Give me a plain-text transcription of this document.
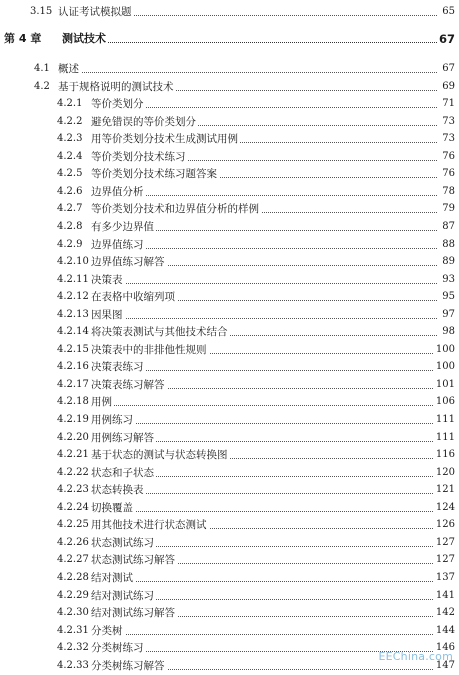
3.15 认证考试模拟题	65
第 4 章 测试技术	67
4.1 概述	67
4.2 基于规格说明的测试技术	69
4.2.1 等价类划分	71
4.2.2 避免错误的等价类划分	73
4.2.3 用等价类划分技术生成测试用例	73
4.2.4 等价类划分技术练习	76
4.2.5 等价类划分技术练习题答案	76
4.2.6 边界值分析	78
4.2.7 等价类划分技术和边界值分析的样例	79
4.2.8 有多少边界值	87
4.2.9 边界值练习	88
4.2.10 边界值练习解答	89
4.2.11 决策表	93
4.2.12 在表格中收缩列项	95
4.2.13 因果图	97
4.2.14 将决策表测试与其他技术结合	98
4.2.15 决策表中的非排他性规则	100
4.2.16 决策表练习	100
4.2.17 决策表练习解答	101
4.2.18 用例	106
4.2.19 用例练习	111
4.2.20 用例练习解答	111
4.2.21 基于状态的测试与状态转换图	116
4.2.22 状态和子状态	120
4.2.23 状态转换表	121
4.2.24 切换覆盖	124
4.2.25 用其他技术进行状态测试	126
4.2.26 状态测试练习	127
4.2.27 状态测试练习解答	127
4.2.28 结对测试	137
4.2.29 结对测试练习	141
4.2.30 结对测试练习解答	142
4.2.31 分类树	144
4.2.32 分类树练习	146
4.2.33 分类树练习解答	147
EEChina.com
